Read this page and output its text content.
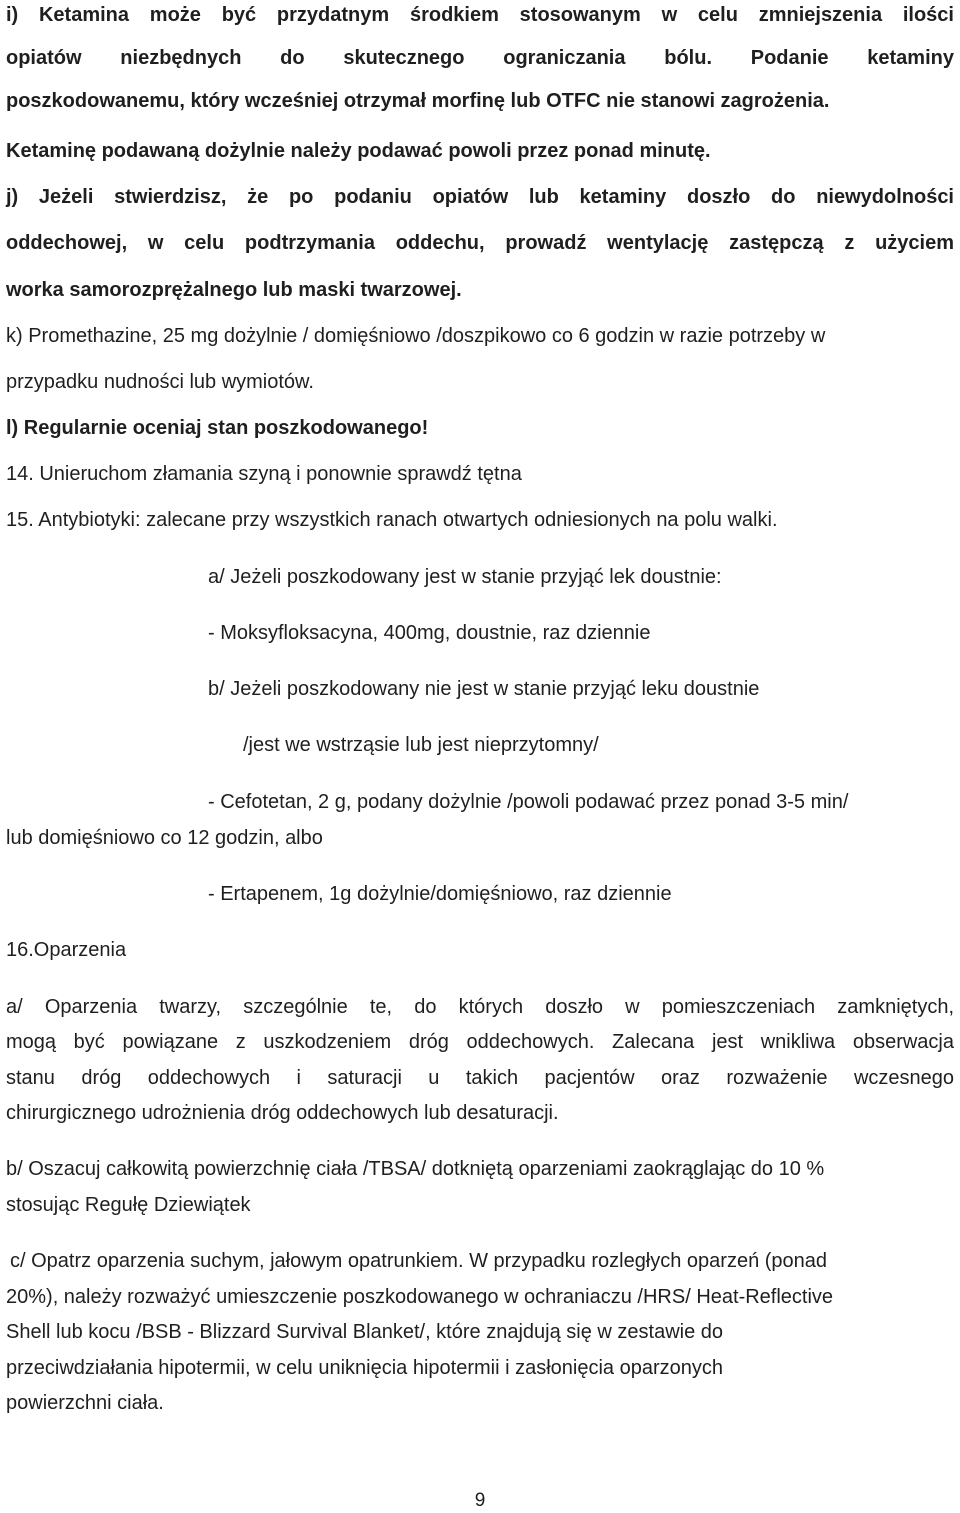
i) Ketamina może być przydatnym środkiem stosowanym w celu zmniejszenia ilości

opiatów niezbędnych do skutecznego ograniczania bólu. Podanie ketaminy

poszkodowanemu, który wcześniej otrzymał morfinę lub OTFC nie stanowi zagrożenia.

Ketaminę podawaną dożylnie należy podawać powoli przez ponad minutę.

j) Jeżeli stwierdzisz, że po podaniu opiatów lub ketaminy doszło do niewydolności

oddechowej, w celu podtrzymania oddechu, prowadź wentylację zastępczą z użyciem

worka samorozprężalnego lub maski twarzowej.

k) Promethazine, 25 mg dożylnie / domięśniowo /doszpikowo co 6 godzin w razie potrzeby w

przypadku nudności lub wymiotów.

l) Regularnie oceniaj stan poszkodowanego!

14. Unieruchom złamania szyną i ponownie sprawdź tętna

15. Antybiotyki: zalecane przy wszystkich ranach otwartych odniesionych na polu walki.

a/ Jeżeli poszkodowany jest w stanie przyjąć lek doustnie:

- Moksyfloksacyna, 400mg, doustnie, raz dziennie

b/ Jeżeli poszkodowany nie jest w stanie przyjąć leku doustnie

/jest we wstrząsie lub jest nieprzytomny/

- Cefotetan, 2 g, podany dożylnie /powoli podawać przez ponad 3-5 min/

lub domięśniowo co 12 godzin, albo

- Ertapenem, 1g dożylnie/domięśniowo, raz dziennie

16.Oparzenia

a/ Oparzenia twarzy, szczególnie te, do których doszło w pomieszczeniach zamkniętych,

mogą być powiązane z uszkodzeniem dróg oddechowych. Zalecana jest wnikliwa obserwacja

stanu dróg oddechowych i saturacji u takich pacjentów oraz rozważenie wczesnego

chirurgicznego udrożnienia dróg oddechowych lub desaturacji.

b/ Oszacuj całkowitą powierzchnię ciała /TBSA/ dotkniętą oparzeniami zaokrąglając do 10 %

stosując Regułę Dziewiątek

c/ Opatrz oparzenia suchym, jałowym opatrunkiem. W przypadku rozległych oparzeń (ponad

20%), należy rozważyć umieszczenie poszkodowanego w ochraniaczu /HRS/ Heat-Reflective

Shell lub kocu /BSB - Blizzard Survival Blanket/, które znajdują się w zestawie do

przeciwdziałania hipotermii, w celu uniknięcia hipotermii i zasłonięcia oparzonych

powierzchni ciała.

9
